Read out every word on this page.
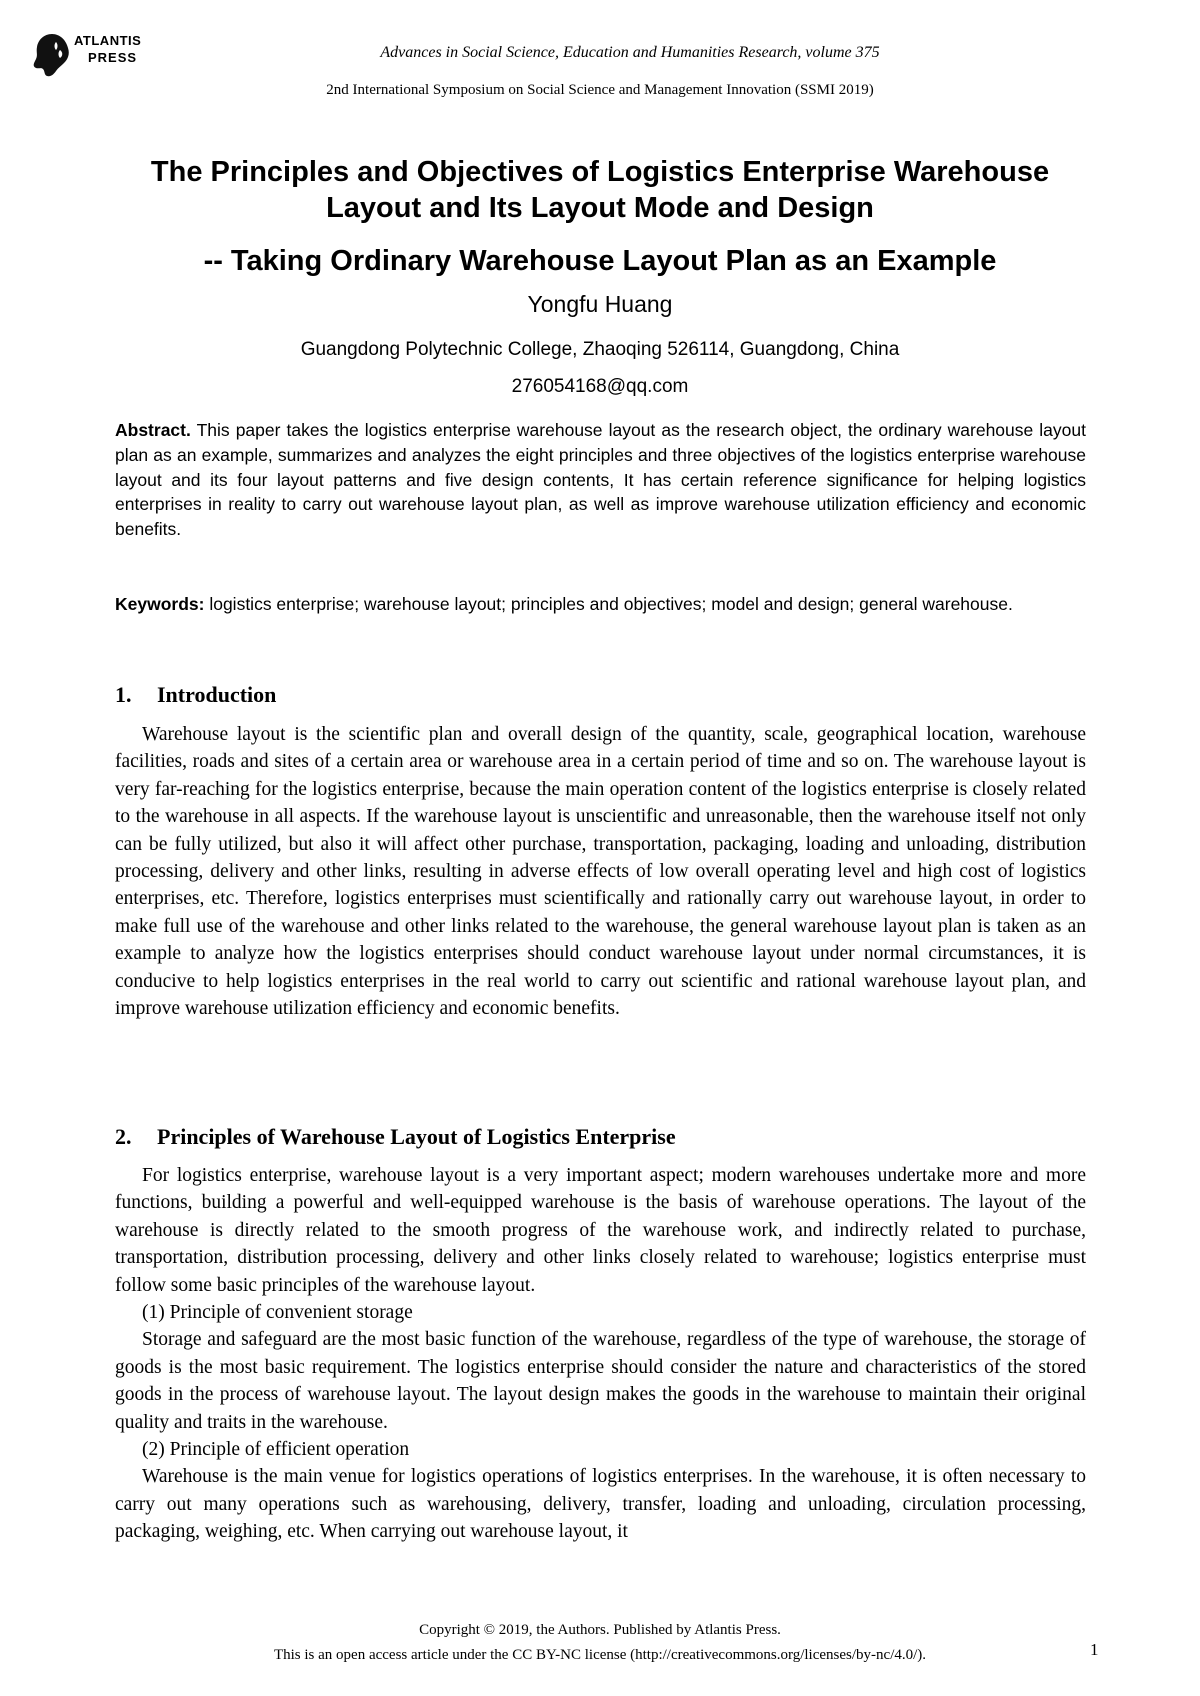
ATLANTIS
PRESS	Advances in Social Science, Education and Humanities Research, volume 375
2nd International Symposium on Social Science and Management Innovation (SSMI 2019)
The Principles and Objectives of Logistics Enterprise Warehouse Layout and Its Layout Mode and Design
-- Taking Ordinary Warehouse Layout Plan as an Example
Yongfu Huang
Guangdong Polytechnic College, Zhaoqing 526114, Guangdong, China
276054168@qq.com
Abstract. This paper takes the logistics enterprise warehouse layout as the research object, the ordinary warehouse layout plan as an example, summarizes and analyzes the eight principles and three objectives of the logistics enterprise warehouse layout and its four layout patterns and five design contents, It has certain reference significance for helping logistics enterprises in reality to carry out warehouse layout plan, as well as improve warehouse utilization efficiency and economic benefits.
Keywords: logistics enterprise; warehouse layout; principles and objectives; model and design; general warehouse.
1. Introduction

Warehouse layout is the scientific plan and overall design of the quantity, scale, geographical location, warehouse facilities, roads and sites of a certain area or warehouse area in a certain period of time and so on. The warehouse layout is very far-reaching for the logistics enterprise, because the main operation content of the logistics enterprise is closely related to the warehouse in all aspects. If the warehouse layout is unscientific and unreasonable, then the warehouse itself not only can be fully utilized, but also it will affect other purchase, transportation, packaging, loading and unloading, distribution processing, delivery and other links, resulting in adverse effects of low overall operating level and high cost of logistics enterprises, etc. Therefore, logistics enterprises must scientifically and rationally carry out warehouse layout, in order to make full use of the warehouse and other links related to the warehouse, the general warehouse layout plan is taken as an example to analyze how the logistics enterprises should conduct warehouse layout under normal circumstances, it is conducive to help logistics enterprises in the real world to carry out scientific and rational warehouse layout plan, and improve warehouse utilization efficiency and economic benefits.

2. Principles of Warehouse Layout of Logistics Enterprise

For logistics enterprise, warehouse layout is a very important aspect; modern warehouses undertake more and more functions, building a powerful and well-equipped warehouse is the basis of warehouse operations. The layout of the warehouse is directly related to the smooth progress of the warehouse work, and indirectly related to purchase, transportation, distribution processing, delivery and other links closely related to warehouse; logistics enterprise must follow some basic principles of the warehouse layout.

(1) Principle of convenient storage

Storage and safeguard are the most basic function of the warehouse, regardless of the type of warehouse, the storage of goods is the most basic requirement. The logistics enterprise should consider the nature and characteristics of the stored goods in the process of warehouse layout. The layout design makes the goods in the warehouse to maintain their original quality and traits in the warehouse.

(2) Principle of efficient operation

Warehouse is the main venue for logistics operations of logistics enterprises. In the warehouse, it is often necessary to carry out many operations such as warehousing, delivery, transfer, loading and unloading, circulation processing, packaging, weighing, etc. When carrying out warehouse layout, it

Copyright © 2019, the Authors. Published by Atlantis Press.
This is an open access article under the CC BY-NC license (http://creativecommons.org/licenses/by-nc/4.0/).	1
